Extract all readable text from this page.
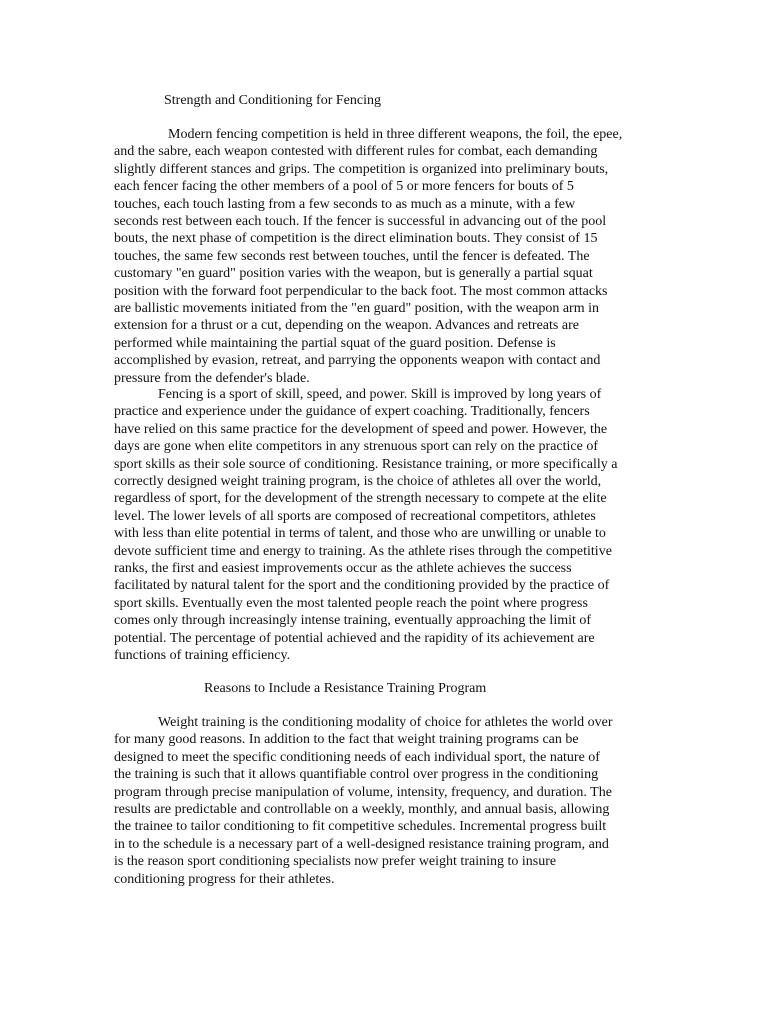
Strength and Conditioning for Fencing
Modern fencing competition is held in three different weapons, the foil, the epee,
and the sabre, each weapon contested with different rules for combat, each demanding
slightly different stances and grips. The competition is organized into preliminary bouts,
each fencer facing the other members of a pool of 5 or more fencers for bouts of 5
touches, each touch lasting from a few seconds to as much as a minute, with a few
seconds rest between each touch. If the fencer is successful in advancing out of the pool
bouts, the next phase of competition is the direct elimination bouts. They consist of 15
touches, the same few seconds rest between touches, until the fencer is defeated. The
customary "en guard" position varies with the weapon, but is generally a partial squat
position with the forward foot perpendicular to the back foot. The most common attacks
are ballistic movements initiated from the "en guard" position, with the weapon arm in
extension for a thrust or a cut, depending on the weapon. Advances and retreats are
performed while maintaining the partial squat of the guard position. Defense is
accomplished by evasion, retreat, and parrying the opponents weapon with contact and
pressure from the defender's blade.
Fencing is a sport of skill, speed, and power. Skill is improved by long years of
practice and experience under the guidance of expert coaching. Traditionally, fencers
have relied on this same practice for the development of speed and power. However, the
days are gone when elite competitors in any strenuous sport can rely on the practice of
sport skills as their sole source of conditioning. Resistance training, or more specifically a
correctly designed weight training program, is the choice of athletes all over the world,
regardless of sport, for the development of the strength necessary to compete at the elite
level. The lower levels of all sports are composed of recreational competitors, athletes
with less than elite potential in terms of talent, and those who are unwilling or unable to
devote sufficient time and energy to training. As the athlete rises through the competitive
ranks, the first and easiest improvements occur as the athlete achieves the success
facilitated by natural talent for the sport and the conditioning provided by the practice of
sport skills. Eventually even the most talented people reach the point where progress
comes only through increasingly intense training, eventually approaching the limit of
potential. The percentage of potential achieved and the rapidity of its achievement are
functions of training efficiency.
Reasons to Include a Resistance Training Program
Weight training is the conditioning modality of choice for athletes the world over
for many good reasons. In addition to the fact that weight training programs can be
designed to meet the specific conditioning needs of each individual sport, the nature of
the training is such that it allows quantifiable control over progress in the conditioning
program through precise manipulation of volume, intensity, frequency, and duration. The
results are predictable and controllable on a weekly, monthly, and annual basis, allowing
the trainee to tailor conditioning to fit competitive schedules. Incremental progress built
in to the schedule is a necessary part of a well-designed resistance training program, and
is the reason sport conditioning specialists now prefer weight training to insure
conditioning progress for their athletes.
